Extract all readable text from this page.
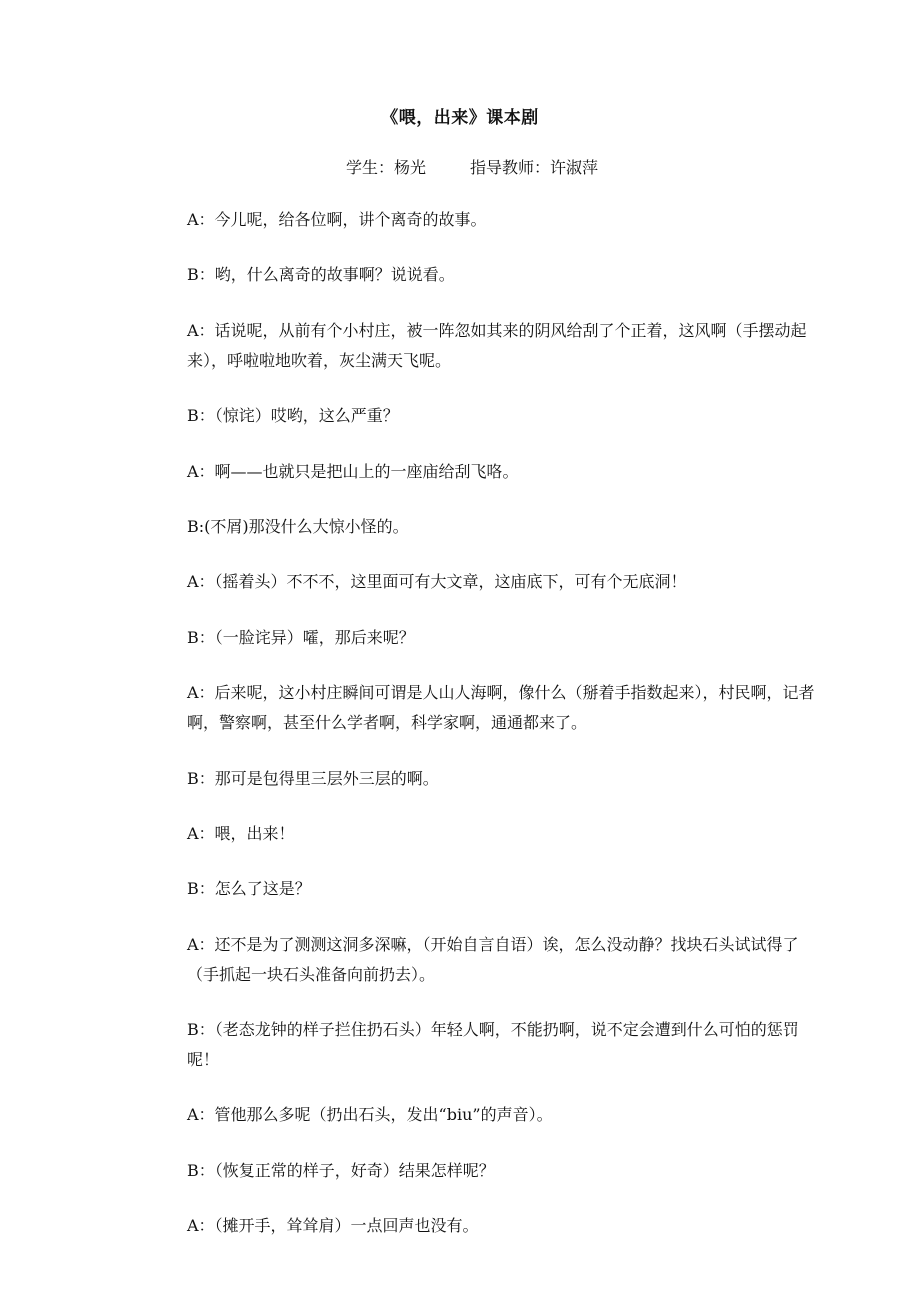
《喂，出来》课本剧
学生：杨光	指导教师：许淑萍

A：今儿呢，给各位啊，讲个离奇的故事。

B：哟，什么离奇的故事啊？说说看。

A：话说呢，从前有个小村庄，被一阵忽如其来的阴风给刮了个正着，这风啊（手摆动起来），呼啦啦地吹着，灰尘满天飞呢。

B：（惊诧）哎哟，这么严重？

A：啊——也就只是把山上的一座庙给刮飞咯。

B:(不屑)那没什么大惊小怪的。

A：（摇着头）不不不，这里面可有大文章，这庙底下，可有个无底洞！

B：（一脸诧异）嚯，那后来呢？

A：后来呢，这小村庄瞬间可谓是人山人海啊，像什么（掰着手指数起来），村民啊，记者啊，警察啊，甚至什么学者啊，科学家啊，通通都来了。

B：那可是包得里三层外三层的啊。

A：喂，出来！

B：怎么了这是？

A：还不是为了测测这洞多深嘛，（开始自言自语）诶，怎么没动静？找块石头试试得了（手抓起一块石头准备向前扔去）。

B：（老态龙钟的样子拦住扔石头）年轻人啊，不能扔啊，说不定会遭到什么可怕的惩罚呢！

A：管他那么多呢（扔出石头，发出“biu”的声音）。

B：（恢复正常的样子，好奇）结果怎样呢？

A：（摊开手，耸耸肩）一点回声也没有。
